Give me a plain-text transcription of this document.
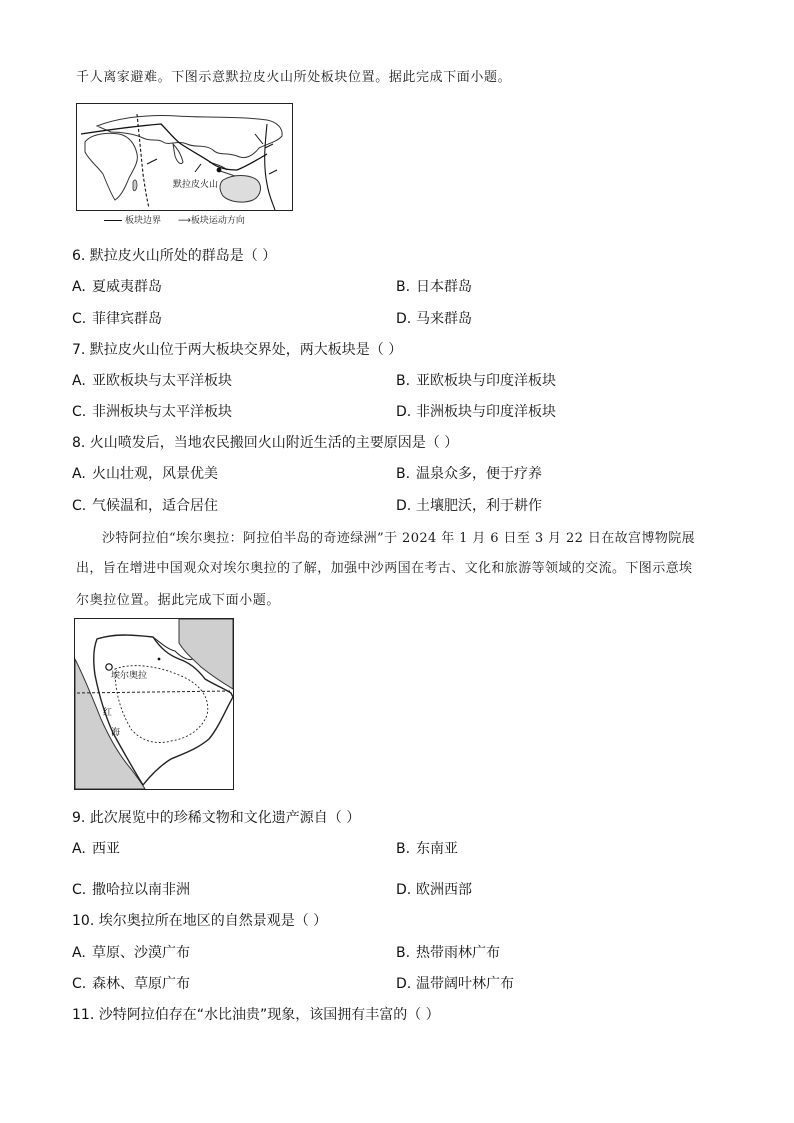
千人离家避难。下图示意默拉皮火山所处板块位置。据此完成下面小题。
默拉皮火山
板块边界 ⟶板块运动方向
6. 默拉皮火山所处的群岛是（ ）
A. 夏威夷群岛	B. 日本群岛
C. 菲律宾群岛	D. 马来群岛
7. 默拉皮火山位于两大板块交界处，两大板块是（ ）
A. 亚欧板块与太平洋板块	B. 亚欧板块与印度洋板块
C. 非洲板块与太平洋板块	D. 非洲板块与印度洋板块
8. 火山喷发后，当地农民搬回火山附近生活的主要原因是（ ）
A. 火山壮观，风景优美	B. 温泉众多，便于疗养
C. 气候温和，适合居住	D. 土壤肥沃，利于耕作
沙特阿拉伯“埃尔奥拉：阿拉伯半岛的奇迹绿洲”于 2024 年 1 月 6 日至 3 月 22 日在故宫博物院展
出，旨在增进中国观众对埃尔奥拉的了解，加强中沙两国在考古、文化和旅游等领域的交流。下图示意埃
尔奥拉位置。据此完成下面小题。
埃尔奥拉
红
海
9. 此次展览中的珍稀文物和文化遗产源自（ ）
A. 西亚	B. 东南亚
C. 撒哈拉以南非洲	D. 欧洲西部
10. 埃尔奥拉所在地区的自然景观是（ ）
A. 草原、沙漠广布	B. 热带雨林广布
C. 森林、草原广布	D. 温带阔叶林广布
11. 沙特阿拉伯存在“水比油贵”现象，该国拥有丰富的（ ）
